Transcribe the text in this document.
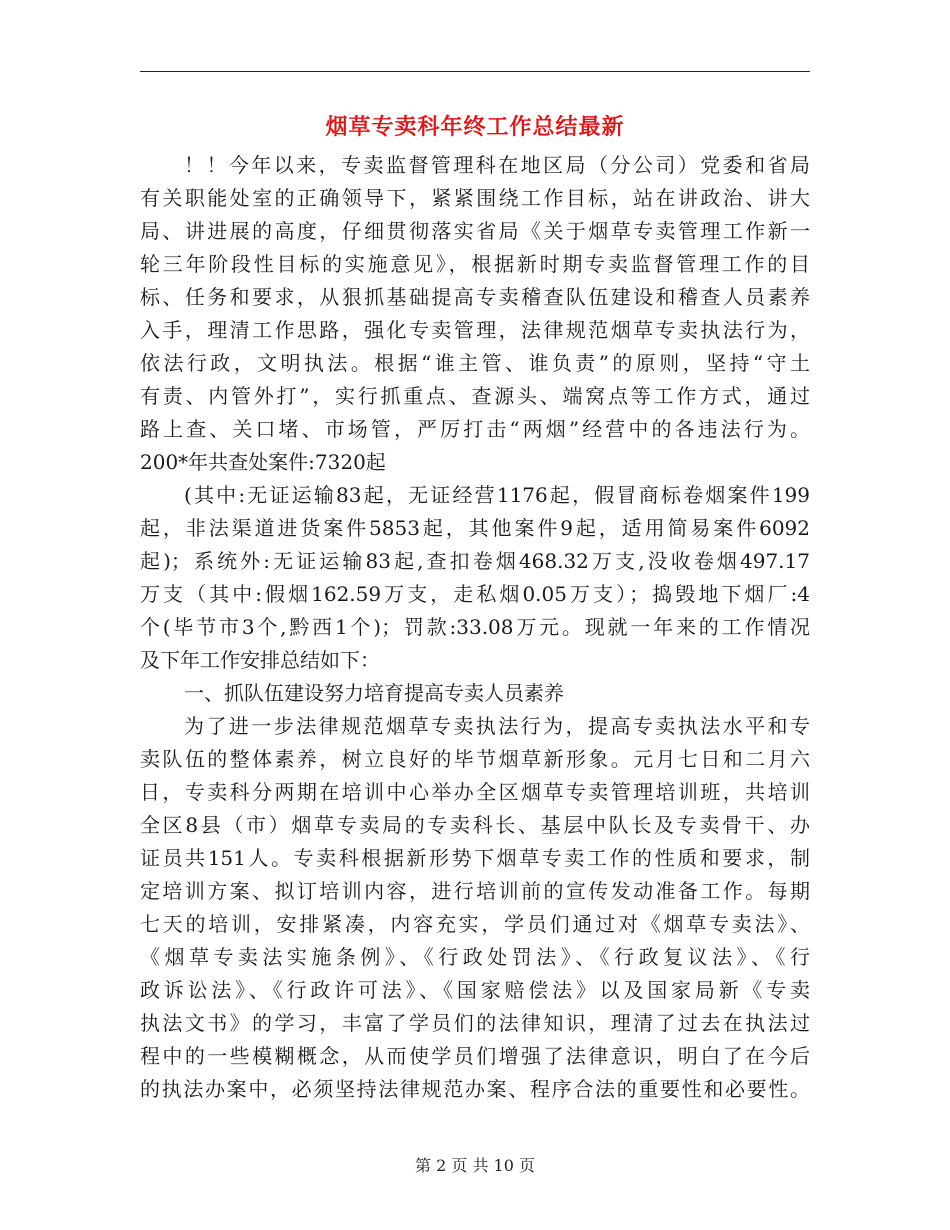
烟草专卖科年终工作总结最新
！！今年以来，专卖监督管理科在地区局（分公司）党委和省局
有关职能处室的正确领导下，紧紧围绕工作目标，站在讲政治、讲大
局、讲进展的高度，仔细贯彻落实省局《关于烟草专卖管理工作新一
轮三年阶段性目标的实施意见》，根据新时期专卖监督管理工作的目
标、任务和要求，从狠抓基础提高专卖稽查队伍建设和稽查人员素养
入手，理清工作思路，强化专卖管理，法律规范烟草专卖执法行为，
依法行政，文明执法。根据“谁主管、谁负责”的原则，坚持“守土
有责、内管外打”，实行抓重点、查源头、端窝点等工作方式，通过
路上查、关口堵、市场管，严厉打击“两烟”经营中的各违法行为。
200*年共查处案件:7320起
(其中:无证运输83起，无证经营1176起，假冒商标卷烟案件199
起，非法渠道进货案件5853起，其他案件9起，适用简易案件6092
起)；系统外:无证运输83起,查扣卷烟468.32万支,没收卷烟497.17
万支（其中:假烟162.59万支，走私烟0.05万支）；捣毁地下烟厂:4
个(毕节市3个,黔西1个)；罚款:33.08万元。现就一年来的工作情况
及下年工作安排总结如下：
一、抓队伍建设努力培育提高专卖人员素养
为了进一步法律规范烟草专卖执法行为，提高专卖执法水平和专
卖队伍的整体素养，树立良好的毕节烟草新形象。元月七日和二月六
日，专卖科分两期在培训中心举办全区烟草专卖管理培训班，共培训
全区8县（市）烟草专卖局的专卖科长、基层中队长及专卖骨干、办
证员共151人。专卖科根据新形势下烟草专卖工作的性质和要求，制
定培训方案、拟订培训内容，进行培训前的宣传发动准备工作。每期
七天的培训，安排紧凑，内容充实，学员们通过对《烟草专卖法》、
《烟草专卖法实施条例》、《行政处罚法》、《行政复议法》、《行
政诉讼法》、《行政许可法》、《国家赔偿法》以及国家局新《专卖
执法文书》的学习，丰富了学员们的法律知识，理清了过去在执法过
程中的一些模糊概念，从而使学员们增强了法律意识，明白了在今后
的执法办案中，必须坚持法律规范办案、程序合法的重要性和必要性。
第 2 页 共 10 页
